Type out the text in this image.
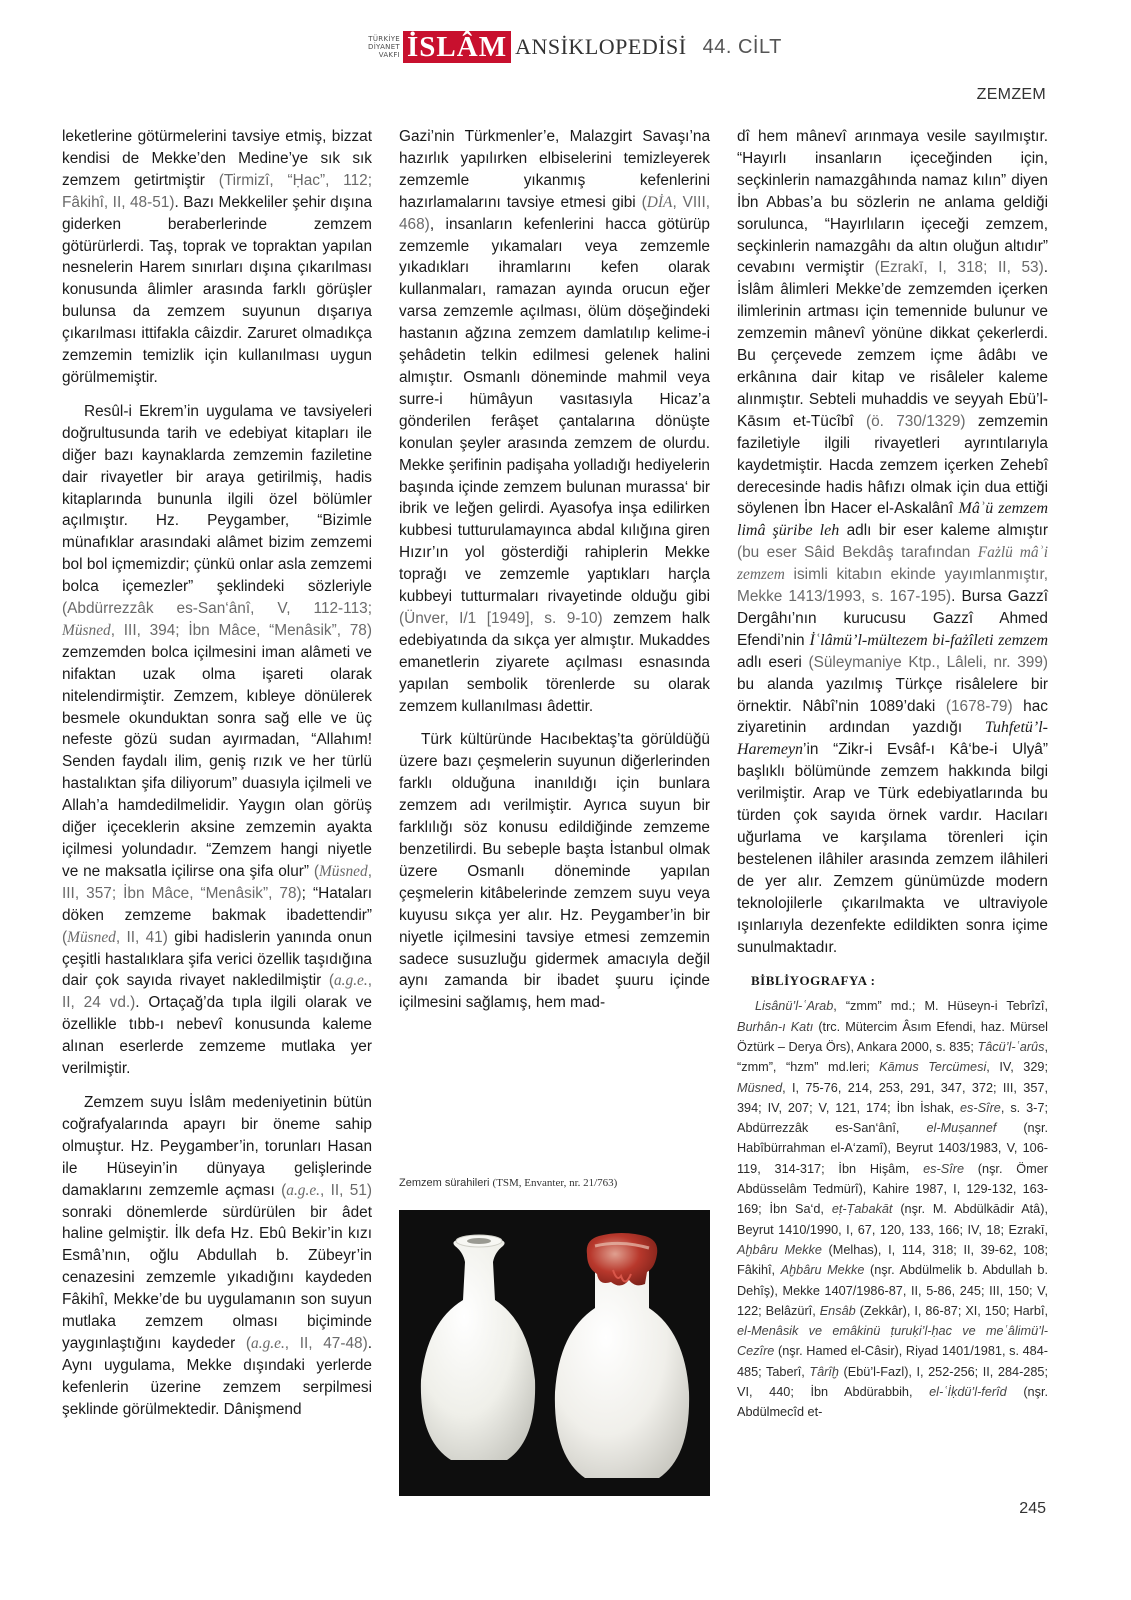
TÜRKİYE
DİYANET
VAKFI İSLÂM ANSİKLOPEDİSİ 44. CİLT
ZEMZEM

leketlerine götürmelerini tavsiye etmiş, bizzat kendisi de Mekke’den Medine’ye sık sık zemzem getirtmiştir (Tirmizî, “Ḥac”, 112; Fâkihî, II, 48-51). Bazı Mekkeliler şehir dışına giderken beraberlerinde zemzem götürürlerdi. Taş, toprak ve topraktan yapılan nesnelerin Harem sınırları dışına çıkarılması konusunda âlimler arasında farklı görüşler bulunsa da zemzem suyunun dışarıya çıkarılması ittifakla câizdir. Zaruret olmadıkça zemzemin temizlik için kullanılması uygun görülmemiştir.

Resûl-i Ekrem’in uygulama ve tavsiyeleri doğrultusunda tarih ve edebiyat kitapları ile diğer bazı kaynaklarda zemzemin faziletine dair rivayetler bir araya getirilmiş, hadis kitaplarında bununla ilgili özel bölümler açılmıştır. Hz. Peygamber, “Bizimle münafıklar arasındaki alâmet bizim zemzemi bol bol içmemizdir; çünkü onlar asla zemzemi bolca içemezler” şeklindeki sözleriyle (Abdürrezzâk es-San‘ânî, V, 112-113; Müsned, III, 394; İbn Mâce, “Menâsik”, 78) zemzemden bolca içilmesini iman alâmeti ve nifaktan uzak olma işareti olarak nitelendirmiştir. Zemzem, kıbleye dönülerek besmele okunduktan sonra sağ elle ve üç nefeste gözü sudan ayırmadan, “Allahım! Senden faydalı ilim, geniş rızık ve her türlü hastalıktan şifa diliyorum” duasıyla içilmeli ve Allah’a hamdedilmelidir. Yaygın olan görüş diğer içeceklerin aksine zemzemin ayakta içilmesi yolundadır. “Zemzem hangi niyetle ve ne maksatla içilirse ona şifa olur” (Müsned, III, 357; İbn Mâce, “Menâsik”, 78); “Hataları döken zemzeme bakmak ibadettendir” (Müsned, II, 41) gibi hadislerin yanında onun çeşitli hastalıklara şifa verici özellik taşıdığına dair çok sayıda rivayet nakledilmiştir (a.g.e., II, 24 vd.). Ortaçağ’da tıpla ilgili olarak ve özellikle tıbb-ı nebevî konusunda kaleme alınan eserlerde zemzeme mutlaka yer verilmiştir.

Zemzem suyu İslâm medeniyetinin bütün coğrafyalarında apayrı bir öneme sahip olmuştur. Hz. Peygamber’in, torunları Hasan ile Hüseyin’in dünyaya gelişlerinde damaklarını zemzemle açması (a.g.e., II, 51) sonraki dönemlerde sürdürülen bir âdet haline gelmiştir. İlk defa Hz. Ebû Bekir’in kızı Esmâ’nın, oğlu Abdullah b. Zübeyr’in cenazesini zemzemle yıkadığını kaydeden Fâkihî, Mekke’de bu uygulamanın son suyun mutlaka zemzem olması biçiminde yaygınlaştığını kaydeder (a.g.e., II, 47-48). Aynı uygulama, Mekke dışındaki yerlerde kefenlerin üzerine zemzem serpilmesi şeklinde görülmektedir. Dânişmend

Gazi’nin Türkmenler’e, Malazgirt Savaşı’na hazırlık yapılırken elbiselerini temizleyerek zemzemle yıkanmış kefenlerini hazırlamalarını tavsiye etmesi gibi (DİA, VIII, 468), insanların kefenlerini hacca götürüp zemzemle yıkamaları veya zemzemle yıkadıkları ihramlarını kefen olarak kullanmaları, ramazan ayında orucun eğer varsa zemzemle açılması, ölüm döşeğindeki hastanın ağzına zemzem damlatılıp kelime-i şehâdetin telkin edilmesi gelenek halini almıştır. Osmanlı döneminde mahmil veya surre-i hümâyun vasıtasıyla Hicaz’a gönderilen ferâşet çantalarına dönüşte konulan şeyler arasında zemzem de olurdu. Mekke şerifinin padişaha yolladığı hediyelerin başında içinde zemzem bulunan murassa‘ bir ibrik ve leğen gelirdi. Ayasofya inşa edilirken kubbesi tutturulamayınca abdal kılığına giren Hızır’ın yol gösterdiği rahiplerin Mekke toprağı ve zemzemle yaptıkları harçla kubbeyi tutturmaları rivayetinde olduğu gibi (Ünver, I/1 [1949], s. 9-10) zemzem halk edebiyatında da sıkça yer almıştır. Mukaddes emanetlerin ziyarete açılması esnasında yapılan sembolik törenlerde su olarak zemzem kullanılması âdettir.

Türk kültüründe Hacıbektaş’ta görüldüğü üzere bazı çeşmelerin suyunun diğerlerinden farklı olduğuna inanıldığı için bunlara zemzem adı verilmiştir. Ayrıca suyun bir farklılığı söz konusu edildiğinde zemzeme benzetilirdi. Bu sebeple başta İstanbul olmak üzere Osmanlı döneminde yapılan çeşmelerin kitâbelerinde zemzem suyu veya kuyusu sıkça yer alır. Hz. Peygamber’in bir niyetle içilmesini tavsiye etmesi zemzemin sadece susuzluğu gidermek amacıyla değil aynı zamanda bir ibadet şuuru içinde içilmesini sağlamış, hem mad-

dî hem mânevî arınmaya vesile sayılmıştır. “Hayırlı insanların içeceğinden için, seçkinlerin namazgâhında namaz kılın” diyen İbn Abbas’a bu sözlerin ne anlama geldiği sorulunca, “Hayırlıların içeceği zemzem, seçkinlerin namazgâhı da altın oluğun altıdır” cevabını vermiştir (Ezrakī, I, 318; II, 53). İslâm âlimleri Mekke’de zemzemden içerken ilimlerinin artması için temennide bulunur ve zemzemin mânevî yönüne dikkat çekerlerdi. Bu çerçevede zemzem içme âdâbı ve erkânına dair kitap ve risâleler kaleme alınmıştır. Sebteli muhaddis ve seyyah Ebü’l-Kāsım et-Tücîbî (ö. 730/1329) zemzemin faziletiyle ilgili rivayetleri ayrıntılarıyla kaydetmiştir. Hacda zemzem içerken Zehebî derecesinde hadis hâfızı olmak için dua ettiği söylenen İbn Hacer el-Askalânî Mâʾü zemzem limâ şüribe leh adlı bir eser kaleme almıştır (bu eser Sâid Bekdâş tarafından Fażlü mâʾi zemzem isimli kitabın ekinde yayımlanmıştır, Mekke 1413/1993, s. 167-195). Bursa Gazzî Dergâhı’nın kurucusu Gazzî Ahmed Efendi’nin İʿlâmü’l-mültezem bi-fażîleti zemzem adlı eseri (Süleymaniye Ktp., Lâleli, nr. 399) bu alanda yazılmış Türkçe risâlelere bir örnektir. Nâbî’nin 1089’daki (1678-79) hac ziyaretinin ardından yazdığı Tuhfetü’l-Haremeyn’in “Zikr-i Evsâf-ı Kâ‘be-i Ulyâ” başlıklı bölümünde zemzem hakkında bilgi verilmiştir. Arap ve Türk edebiyatlarında bu türden çok sayıda örnek vardır. Hacıları uğurlama ve karşılama törenleri için bestelenen ilâhiler arasında zemzem ilâhileri de yer alır. Zemzem günümüzde modern teknolojilerle çıkarılmakta ve ultraviyole ışınlarıyla dezenfekte edildikten sonra içime sunulmaktadır.

BİBLİYOGRAFYA :

Lisânü’l-ʿArab, “zmm” md.; M. Hüseyn-i Tebrîzî, Burhân-ı Katı (trc. Mütercim Âsım Efendi, haz. Mürsel Öztürk – Derya Örs), Ankara 2000, s. 835; Tâcü’l-ʿarûs, “zmm”, “hzm” md.leri; Kāmus Tercümesi, IV, 329; Müsned, I, 75-76, 214, 253, 291, 347, 372; III, 357, 394; IV, 207; V, 121, 174; İbn İshak, es-Sîre, s. 3-7; Abdürrezzâk es-San‘ânî, el-Muṣannef (nşr. Habîbürrahman el-A‘zamî), Beyrut 1403/1983, V, 106-119, 314-317; İbn Hişâm, es-Sîre (nşr. Ömer Abdüsselâm Tedmürî), Kahire 1987, I, 129-132, 163-169; İbn Sa‘d, eṭ-Ṭabakāt (nşr. M. Abdülkādir Atâ), Beyrut 1410/1990, I, 67, 120, 133, 166; IV, 18; Ezrakī, Aḫbâru Mekke (Melhas), I, 114, 318; II, 39-62, 108; Fâkihî, Aḫbâru Mekke (nşr. Abdülmelik b. Abdullah b. Dehîş), Mekke 1407/1986-87, II, 5-86, 245; III, 150; V, 122; Belâzürî, Ensâb (Zekkâr), I, 86-87; XI, 150; Harbî, el-Menâsik ve emâkinü ṭuruḳi’l-ḥac ve meʿâlimü’l-Cezîre (nşr. Hamed el-Câsir), Riyad 1401/1981, s. 484-485; Taberî, Târîḫ (Ebü’l-Fazl), I, 252-256; II, 284-285; VI, 440; İbn Abdürabbih, el-ʿİḳdü’l-ferîd (nşr. Abdülmecîd et-

Zemzem sürahileri (TSM, Envanter, nr. 21/763)
245
